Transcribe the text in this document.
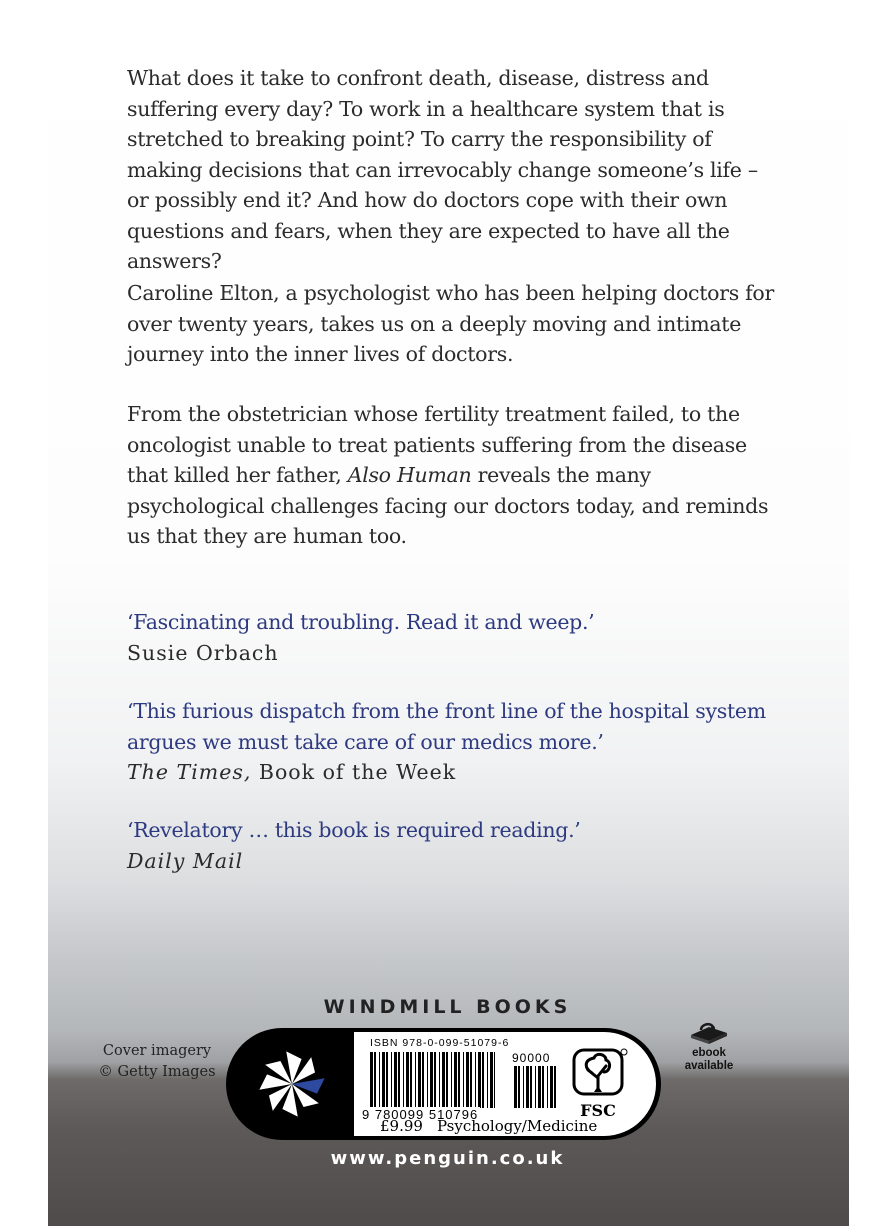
What does it take to confront death, disease, distress and suffering every day? To work in a healthcare system that is stretched to breaking point? To carry the responsibility of making decisions that can irrevocably change someone’s life – or possibly end it? And how do doctors cope with their own questions and fears, when they are expected to have all the answers?

Caroline Elton, a psychologist who has been helping doctors for over twenty years, takes us on a deeply moving and intimate journey into the inner lives of doctors.

From the obstetrician whose fertility treatment failed, to the oncologist unable to treat patients suffering from the disease that killed her father, Also Human reveals the many psychological challenges facing our doctors today, and reminds us that they are human too.

‘Fascinating and troubling. Read it and weep.’
Susie Orbach

‘This furious dispatch from the front line of the hospital system argues we must take care of our medics more.’
The Times, Book of the Week

‘Revelatory … this book is required reading.’
Daily Mail

WINDMILL BOOKS
Cover imagery
© Getty Images
ebook
available
ISBN 978-0-099-51079-6
90000
9 780099 510796	FSC
£9.99 Psychology/Medicine
www.penguin.co.uk
